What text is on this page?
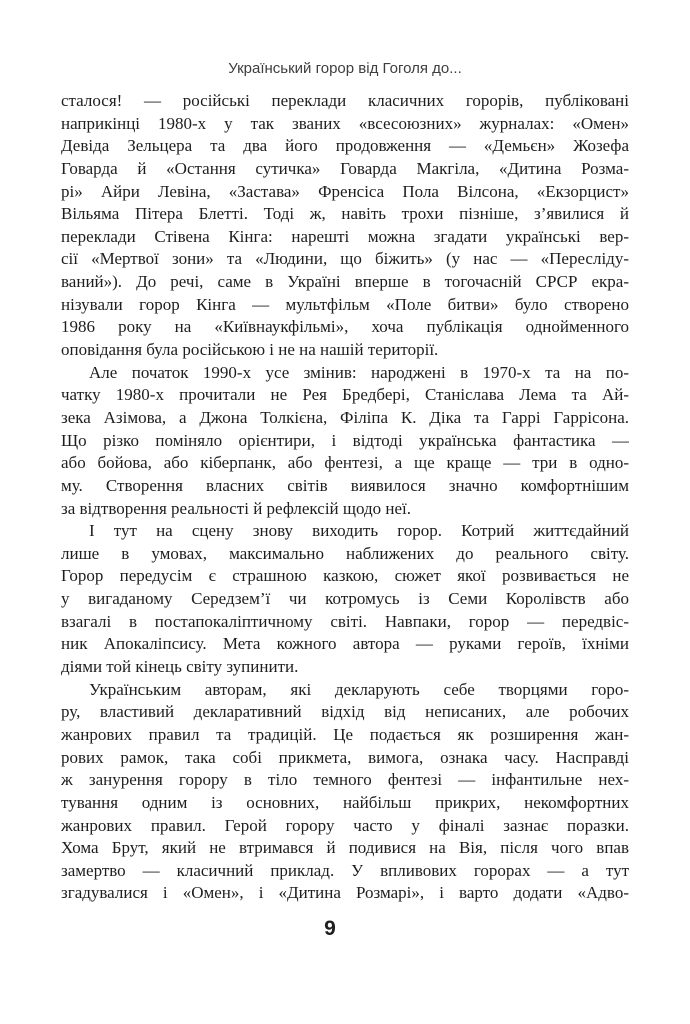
Український горор від Гоголя до...
сталося! — російські переклади класичних горорів, публіковані
наприкінці 1980-х у так званих «всесоюзних» журналах: «Омен»
Девіда Зельцера та два його продовження — «Демьєн» Жозефа
Говарда й «Остання сутичка» Говарда Макгіла, «Дитина Розма-
рі» Айри Левіна, «Застава» Френсіса Пола Вілсона, «Екзорцист»
Вільяма Пітера Блетті. Тоді ж, навіть трохи пізніше, з’явилися й
переклади Стівена Кінга: нарешті можна згадати українські вер-
сії «Мертвої зони» та «Людини, що біжить» (у нас — «Пересліду-
ваний»). До речі, саме в Україні вперше в тогочасній СРСР екра-
нізували горор Кінга — мультфільм «Поле битви» було створено
1986 року на «Київнаукфільмі», хоча публікація однойменного
оповідання була російською і не на нашій території.
Але початок 1990-х усе змінив: народжені в 1970-х та на по-
чатку 1980-х прочитали не Рея Бредбері, Станіслава Лема та Ай-
зека Азімова, а Джона Толкієна, Філіпа К. Діка та Гаррі Гаррісона.
Що різко поміняло орієнтири, і відтоді українська фантастика —
або бойова, або кіберпанк, або фентезі, а ще краще — три в одно-
му. Створення власних світів виявилося значно комфортнішим
за відтворення реальності й рефлексій щодо неї.
І тут на сцену знову виходить горор. Котрий життєдайний
лише в умовах, максимально наближених до реального світу.
Горор передусім є страшною казкою, сюжет якої розвивається не
у вигаданому Середзем’ї чи котромусь із Семи Королівств або
взагалі в постапокаліптичному світі. Навпаки, горор — передвіс-
ник Апокаліпсису. Мета кожного автора — руками героїв, їхніми
діями той кінець світу зупинити.
Українським авторам, які декларують себе творцями горо-
ру, властивий декларативний відхід від неписаних, але робочих
жанрових правил та традицій. Це подається як розширення жан-
рових рамок, така собі прикмета, вимога, ознака часу. Насправді
ж занурення горору в тіло темного фентезі — інфантильне нех-
тування одним із основних, найбільш прикрих, некомфортних
жанрових правил. Герой горору часто у фіналі зазнає поразки.
Хома Брут, який не втримався й подивися на Вія, після чого впав
замертво — класичний приклад. У впливових горорах — а тут
згадувалися і «Омен», і «Дитина Розмарі», і варто додати «Адво-
9
